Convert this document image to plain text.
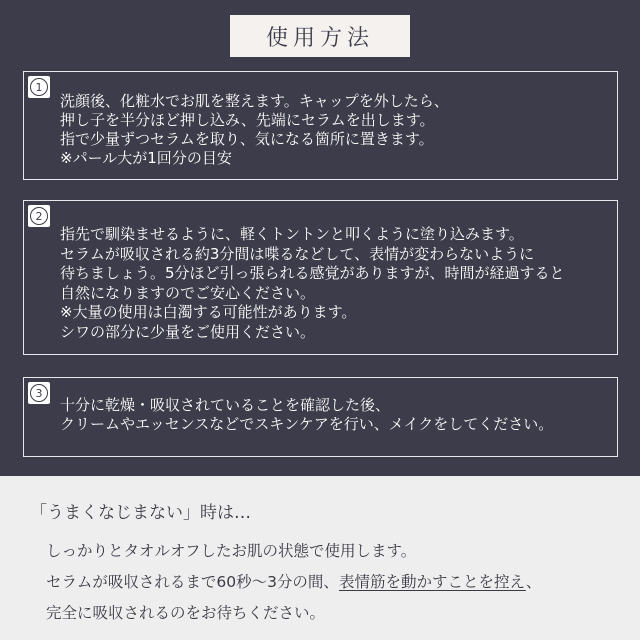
使用方法
1
洗顔後、化粧水でお肌を整えます。キャップを外したら、
押し子を半分ほど押し込み、先端にセラムを出します。
指で少量ずつセラムを取り、気になる箇所に置きます。
※パール大が1回分の目安
2
指先で馴染ませるように、軽くトントンと叩くように塗り込みます。
セラムが吸収される約3分間は喋るなどして、表情が変わらないように
待ちましょう。5分ほど引っ張られる感覚がありますが、時間が経過すると
自然になりますのでご安心ください。
※大量の使用は白濁する可能性があります。
シワの部分に少量をご使用ください。
3
十分に乾燥・吸収されていることを確認した後、
クリームやエッセンスなどでスキンケアを行い、メイクをしてください。
「うまくなじまない」時は…
しっかりとタオルオフしたお肌の状態で使用します。
セラムが吸収されるまで60秒〜3分の間、表情筋を動かすことを控え、
完全に吸収されるのをお待ちください。
